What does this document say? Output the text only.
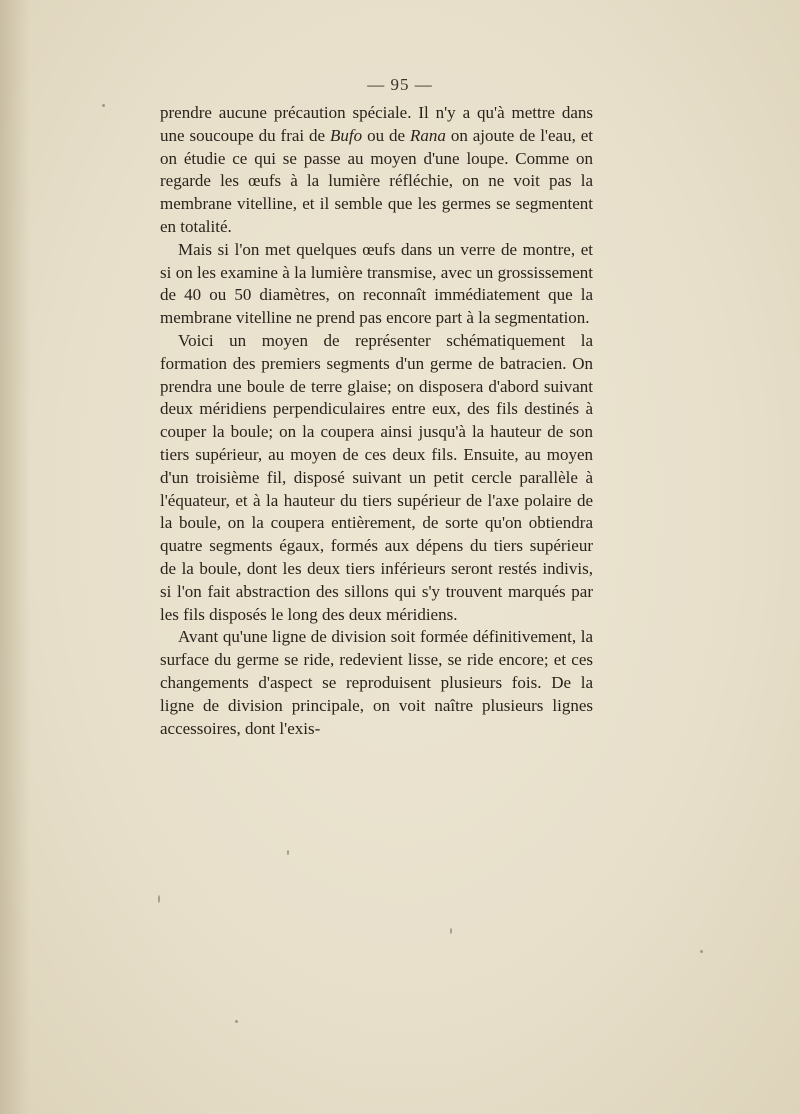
— 95 —

prendre aucune précaution spéciale. Il n'y a qu'à mettre dans une soucoupe du frai de Bufo ou de Rana on ajoute de l'eau, et on étudie ce qui se passe au moyen d'une loupe. Comme on regarde les œufs à la lumière réfléchie, on ne voit pas la membrane vitelline, et il semble que les germes se segmentent en totalité.

Mais si l'on met quelques œufs dans un verre de montre, et si on les examine à la lumière transmise, avec un grossissement de 40 ou 50 diamètres, on reconnaît immédiatement que la membrane vitelline ne prend pas encore part à la segmentation.

Voici un moyen de représenter schématiquement la formation des premiers segments d'un germe de batracien. On prendra une boule de terre glaise; on disposera d'abord suivant deux méridiens perpendiculaires entre eux, des fils destinés à couper la boule; on la coupera ainsi jusqu'à la hauteur de son tiers supérieur, au moyen de ces deux fils. Ensuite, au moyen d'un troisième fil, disposé suivant un petit cercle parallèle à l'équateur, et à la hauteur du tiers supérieur de l'axe polaire de la boule, on la coupera entièrement, de sorte qu'on obtiendra quatre segments égaux, formés aux dépens du tiers supérieur de la boule, dont les deux tiers inférieurs seront restés indivis, si l'on fait abstraction des sillons qui s'y trouvent marqués par les fils disposés le long des deux méridiens.

Avant qu'une ligne de division soit formée définitivement, la surface du germe se ride, redevient lisse, se ride encore; et ces changements d'aspect se reproduisent plusieurs fois. De la ligne de division principale, on voit naître plusieurs lignes accessoires, dont l'exis-
